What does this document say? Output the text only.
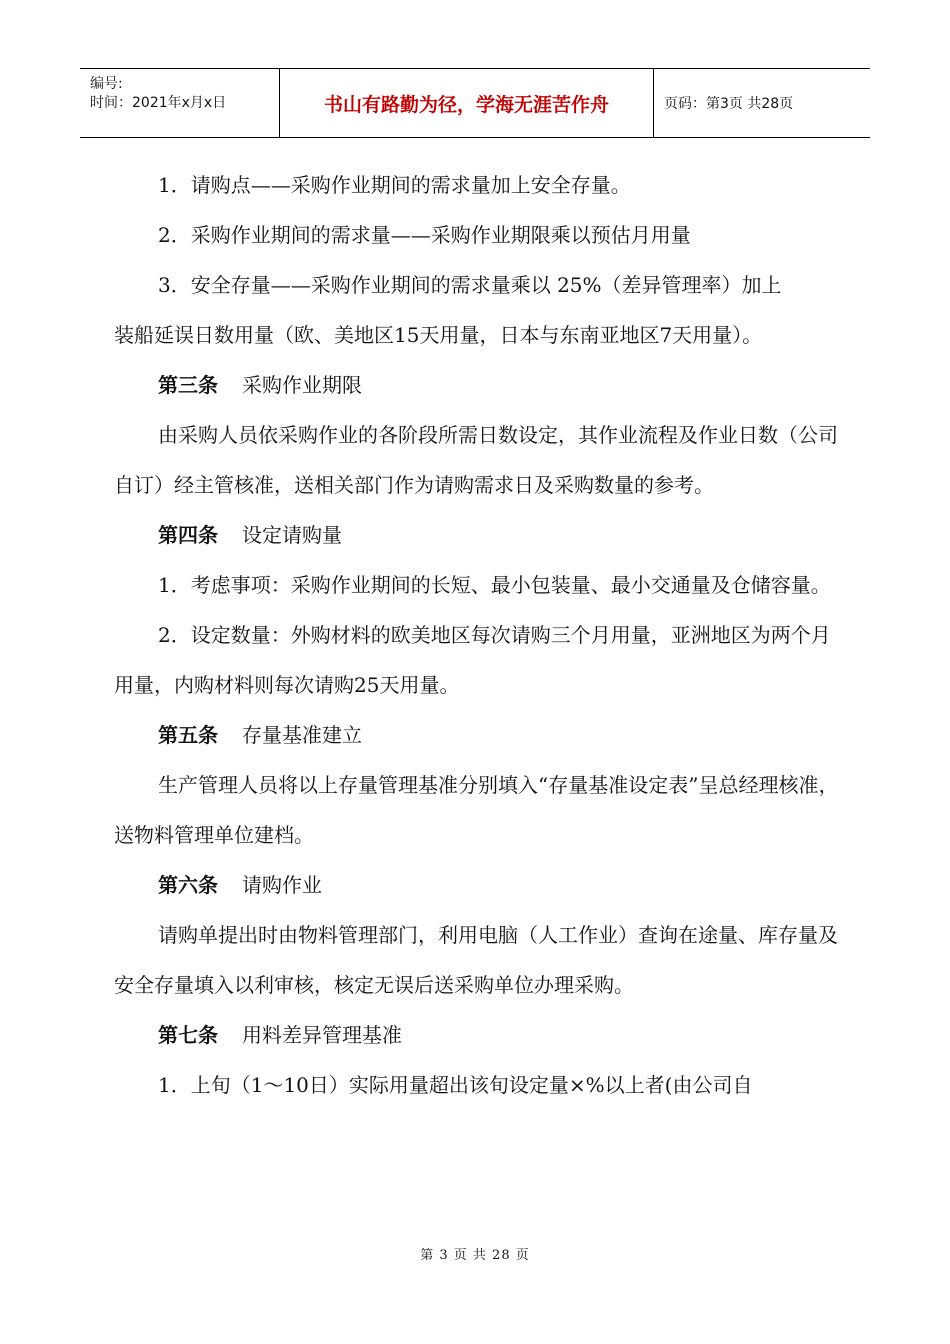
编号:
时间：2021年x月x日	书山有路勤为径，学海无涯苦作舟	页码：第3页 共28页

1．请购点——采购作业期间的需求量加上安全存量。

2．采购作业期间的需求量——采购作业期限乘以预估月用量

3．安全存量——采购作业期间的需求量乘以 25%（差异管理率）加上

装船延误日数用量（欧、美地区15天用量，日本与东南亚地区7天用量）。

第三条 采购作业期限

由采购人员依采购作业的各阶段所需日数设定，其作业流程及作业日数（公司自订）经主管核准，送相关部门作为请购需求日及采购数量的参考。

第四条 设定请购量

1．考虑事项：采购作业期间的长短、最小包装量、最小交通量及仓储容量。

2．设定数量：外购材料的欧美地区每次请购三个月用量，亚洲地区为两个月用量，内购材料则每次请购25天用量。

第五条 存量基准建立

生产管理人员将以上存量管理基准分别填入“存量基准设定表”呈总经理核准，送物料管理单位建档。

第六条 请购作业

请购单提出时由物料管理部门，利用电脑（人工作业）查询在途量、库存量及安全存量填入以利审核，核定无误后送采购单位办理采购。

第七条 用料差异管理基准

1．上旬（1～10日）实际用量超出该旬设定量×%以上者(由公司自

第 3 页 共 28 页
